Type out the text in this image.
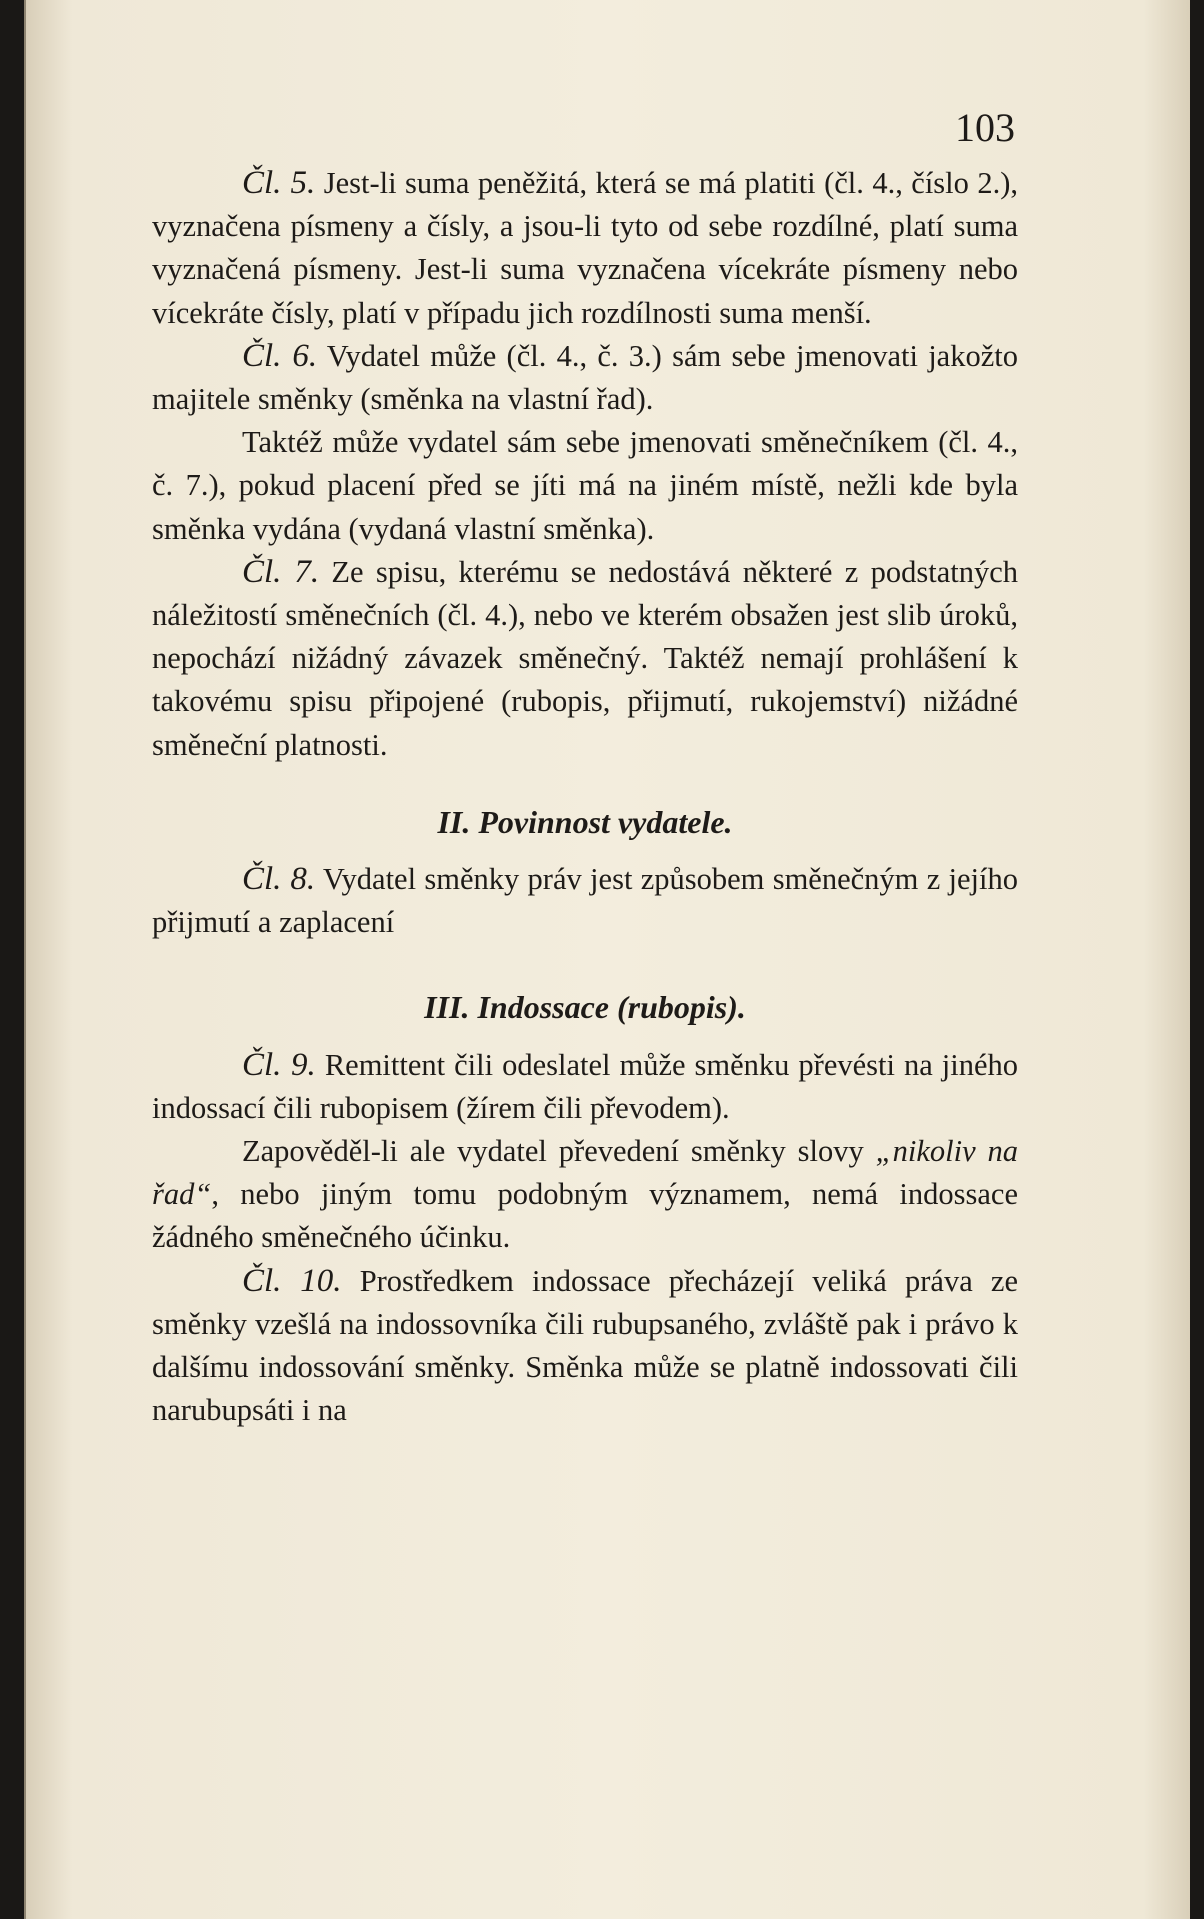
103

Čl. 5. Jest-li suma peněžitá, která se má platiti (čl. 4., číslo 2.), vyznačena písmeny a čísly, a jsou-li tyto od sebe rozdílné, platí suma vyznačená písmeny. Jest-li suma vyznačena vícekráte písmeny nebo vícekráte čísly, platí v případu jich rozdílnosti suma menší.

Čl. 6. Vydatel může (čl. 4., č. 3.) sám sebe jmenovati jakožto majitele směnky (směnka na vlastní řad).

Taktéž může vydatel sám sebe jmenovati směnečníkem (čl. 4., č. 7.), pokud placení před se jíti má na jiném místě, nežli kde byla směnka vydána (vydaná vlastní směnka).

Čl. 7. Ze spisu, kterému se nedostává některé z podstatných náležitostí směnečních (čl. 4.), nebo ve kterém obsažen jest slib úroků, nepochází nižádný závazek směnečný. Taktéž nemají prohlášení k takovému spisu připojené (rubopis, přijmutí, rukojemství) nižádné směneční platnosti.

II. Povinnost vydatele.

Čl. 8. Vydatel směnky práv jest způsobem směnečným z jejího přijmutí a zaplacení

III. Indossace (rubopis).

Čl. 9. Remittent čili odeslatel může směnku převésti na jiného indossací čili rubopisem (žírem čili převodem).

Zapověděl-li ale vydatel převedení směnky slovy „nikoliv na řad“, nebo jiným tomu podobným významem, nemá indossace žádného směnečného účinku.

Čl. 10. Prostředkem indossace přecházejí veliká práva ze směnky vzešlá na indossovníka čili rubupsaného, zvláště pak i právo k dalšímu indossování směnky. Směnka může se platně indossovati čili narubupsáti i na
